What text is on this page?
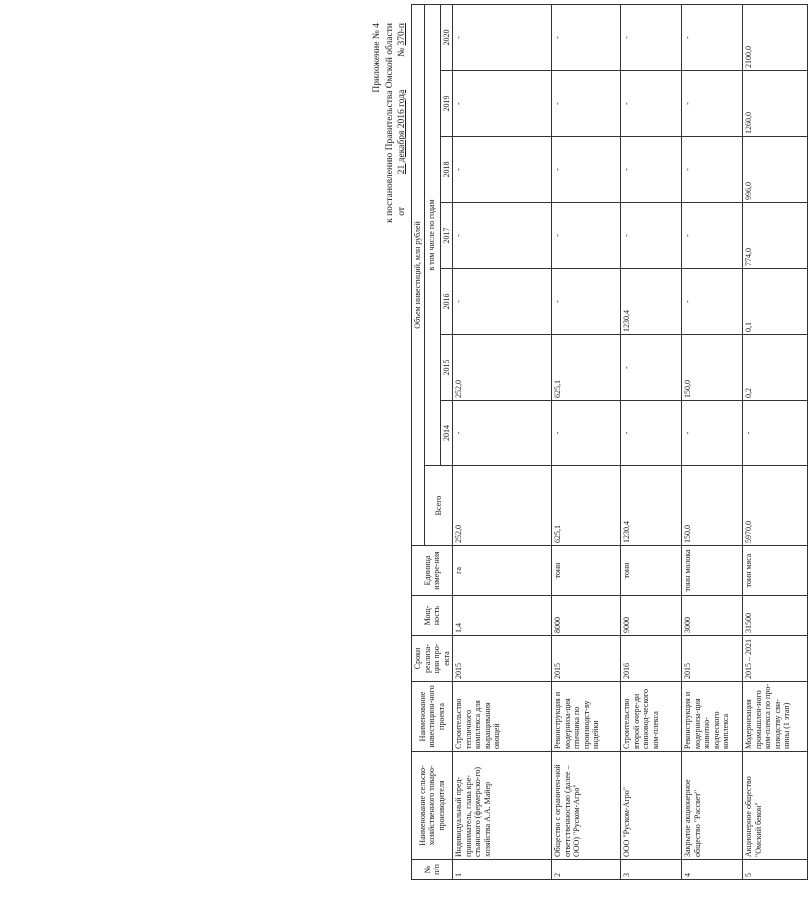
Приложение № 4 к постановлению Правительства Омской области от  21 декабря 2016 года  № 370-п
№ п/п	Наименование сельско-хозяйственного товаро-производителя	Наименование инвестицион-ного проекта	Сроки реализа-ции про-екта	Мощ-ность	Единица измере-ния	Объем инвестиций, млн рублей							
						Всего	в том числе по годам						
							2014	2015	2016	2017	2018	2019	2020
1	Индивидуальный пред-приниматель, глава кре-стьянского (фермерско-го) хозяйства А.А. Майер	Строительство тепличного комплекса для выращивания овощей	2015	1,4	га	252,0	-	252,0	-	-	-	-	-
2	Общество с ограничен-ной ответственностью (далее – ООО) "Руском-Агро"	Реконструкция и модерниза-ция птичника по производст-ву индейки	2015	8000	тонн	625,1	-	625,1	-	-	-	-	-
3	ООО "Руском-Агро"	Строительство второй очере-ди свиновод-ческого ком-плекса	2016	9000	тонн	1230,4	-	-	1230,4	-	-	-	-
4	Закрытое акционерное общество "Рассвет"	Реконструкция и модерниза-ция животно-водческого комплекса	2015	3000	тонн молока	150,0	-	150,0	-	-	-	-	-
5	Акционерное общество "Омский бекон"	Модернизация промышлен-ного ком-плекса по про-изводству сви-нины (1 этап)	2015 – 2021	31500	тонн мяса	5970,0	-	0,2	0,1	774,0	996,0	1260,0	2100,0
